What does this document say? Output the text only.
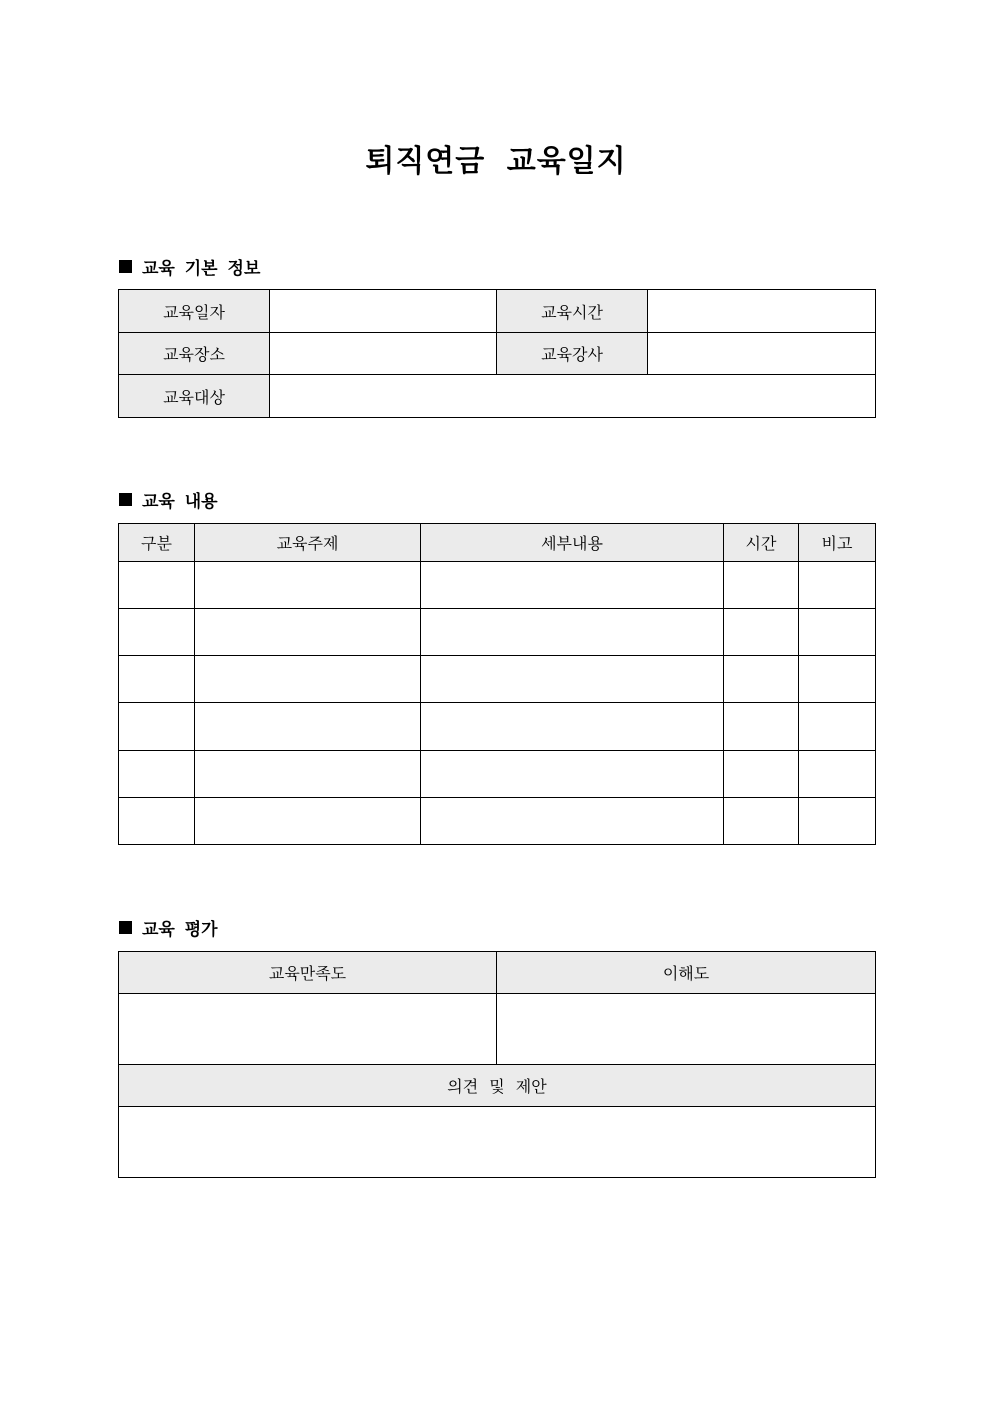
퇴직연금 교육일지
교육 기본 정보
교육일자		교육시간	
교육장소		교육강사	
교육대상			
교육 내용
구분	교육주제	세부내용	시간	비고

교육 평가
교육만족도	이해도

의견 및 제안	
